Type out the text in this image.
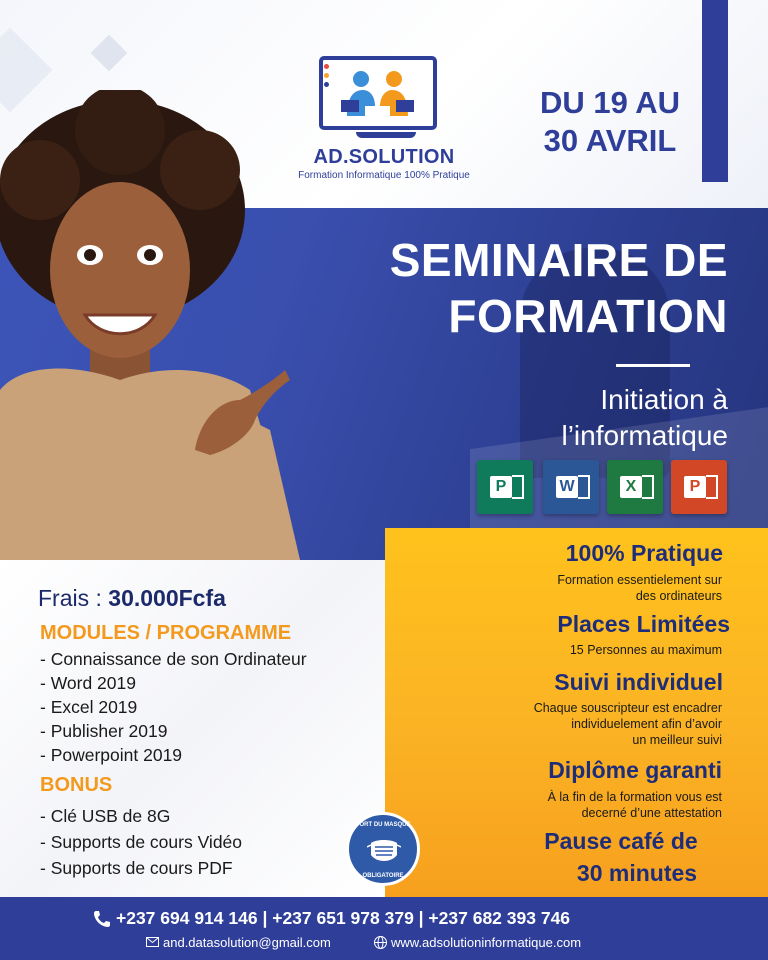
AD.SOLUTION
Formation Informatique 100% Pratique
DU 19 AU
30 AVRIL
SEMINAIRE DE
FORMATION
Initiation à
l’informatique
P	W	X	P
Frais : 30.000Fcfa
MODULES / PROGRAMME
- Connaissance de son Ordinateur
- Word 2019
- Excel 2019
- Publisher 2019
- Powerpoint 2019
BONUS
- Clé USB de 8G
- Supports de cours Vidéo
- Supports de cours PDF
PORT DU MASQUE
OBLIGATOIRE
100% Pratique
Formation essentielement sur
des ordinateurs
Places Limitées
15 Personnes au maximum
Suivi individuel
Chaque souscripteur est encadrer
individuelement afin d’avoir
un meilleur suivi
Diplôme garanti
À la fin de la formation vous est
decerné d’une attestation
Pause café de
30 minutes
+237 694 914 146 | +237 651 978 379 | +237 682 393 746
and.datasolution@gmail.com	www.adsolutioninformatique.com
